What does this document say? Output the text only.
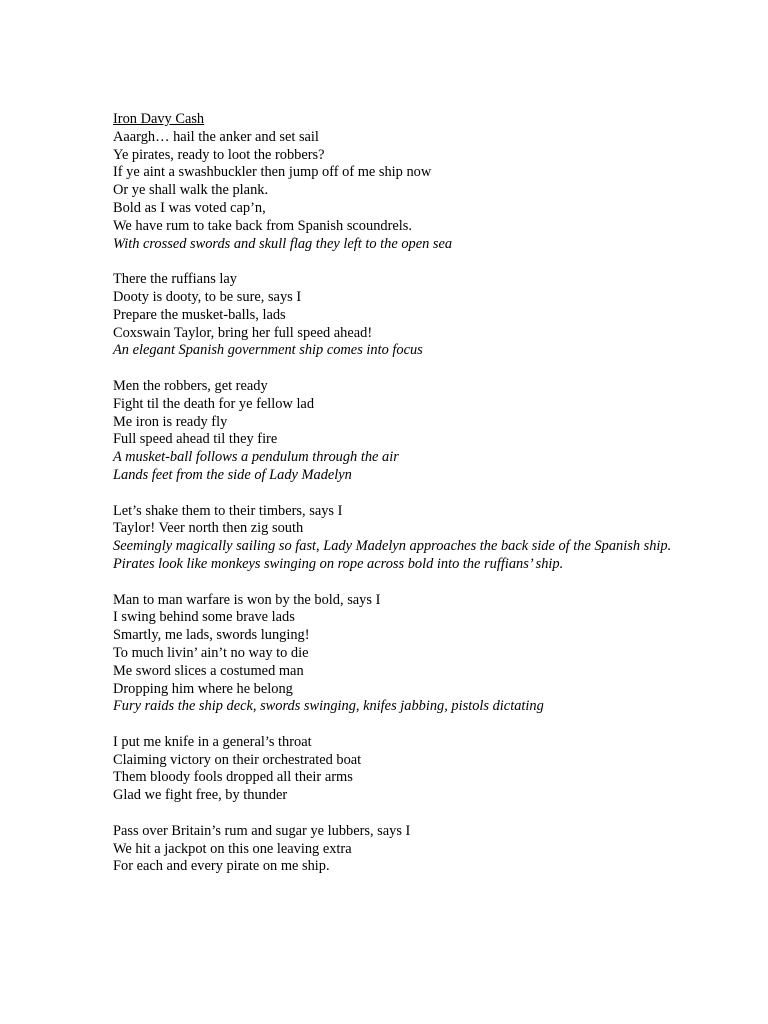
Iron Davy Cash
Aaargh… hail the anker and set sail
Ye pirates, ready to loot the robbers?
If ye aint a swashbuckler then jump off of me ship now
Or ye shall walk the plank.
Bold as I was voted cap’n,
We have rum to take back from Spanish scoundrels.
With crossed swords and skull flag they left to the open sea
There the ruffians lay
Dooty is dooty, to be sure, says I
Prepare the musket-balls, lads
Coxswain Taylor, bring her full speed ahead!
An elegant Spanish government ship comes into focus
Men the robbers, get ready
Fight til the death for ye fellow lad
Me iron is ready fly
Full speed ahead til they fire
A musket-ball follows a pendulum through the air
Lands feet from the side of Lady Madelyn
Let’s shake them to their timbers, says I
Taylor! Veer north then zig south
Seemingly magically sailing so fast, Lady Madelyn approaches the back side of the Spanish ship. Pirates look like monkeys swinging on rope across bold into the ruffians’ ship.
Man to man warfare is won by the bold, says I
I swing behind some brave lads
Smartly, me lads, swords lunging!
To much livin’ ain’t no way to die
Me sword slices a costumed man
Dropping him where he belong
Fury raids the ship deck, swords swinging, knifes jabbing, pistols dictating
I put me knife in a general’s throat
Claiming victory on their orchestrated boat
Them bloody fools dropped all their arms
Glad we fight free, by thunder
Pass over Britain’s rum and sugar ye lubbers, says I
We hit a jackpot on this one leaving extra
For each and every pirate on me ship.
